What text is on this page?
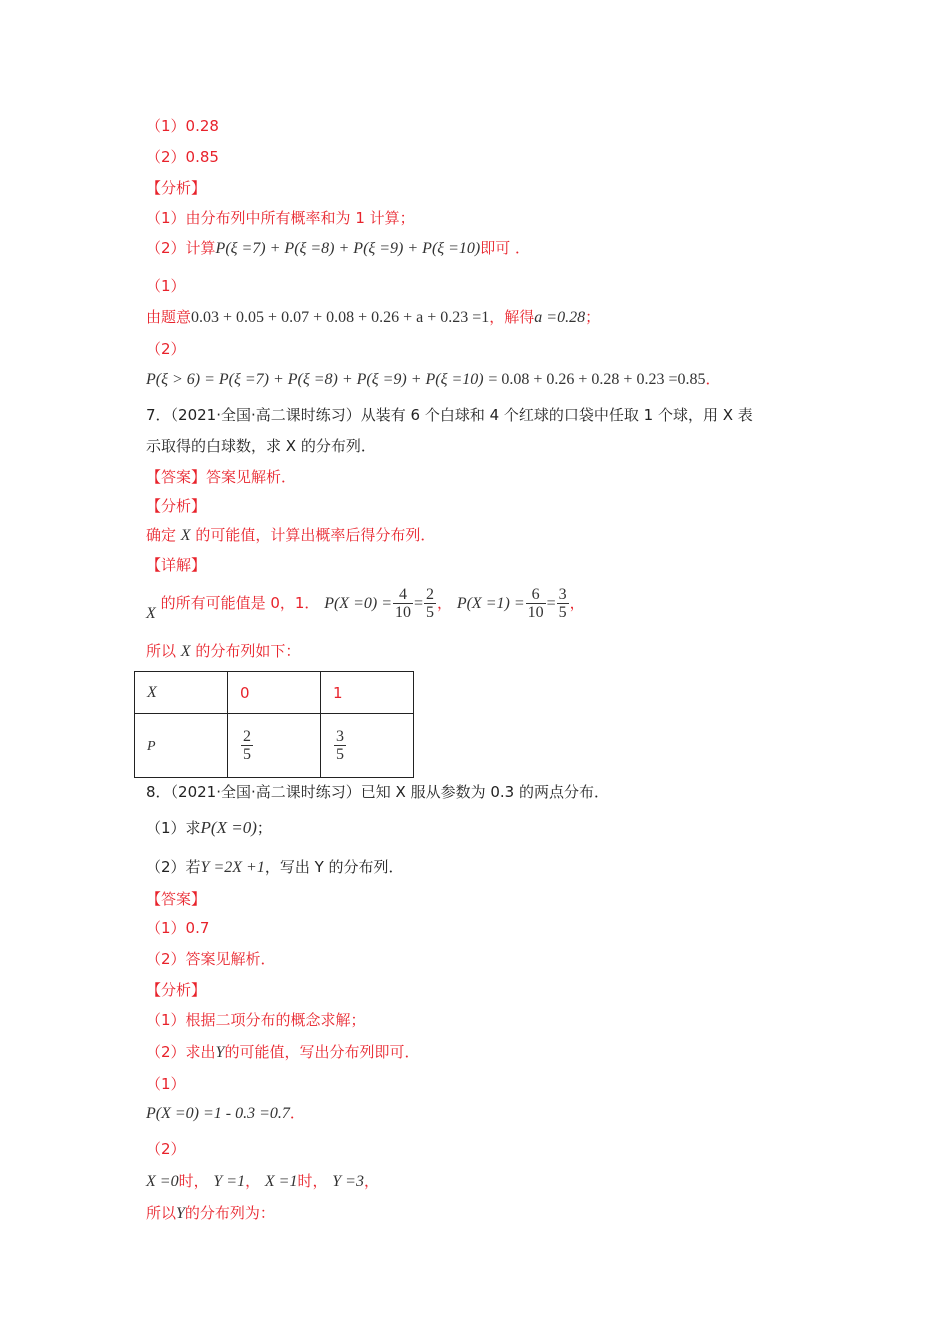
（1）0.28
（2）0.85
【分析】
（1）由分布列中所有概率和为 1 计算；
（2）计算P(ξ =7) + P(ξ =8) + P(ξ =9) + P(ξ =10)即可 ．
（1）
由题意0.03 + 0.05 + 0.07 + 0.08 + 0.26 + a + 0.23 =1，解得a =0.28；
（2）
P(ξ > 6) = P(ξ =7) + P(ξ =8) + P(ξ =9) + P(ξ =10) = 0.08 + 0.26 + 0.28 + 0.23 =0.85．
7．（2021·全国·高二课时练习）从装有 6 个白球和 4 个红球的口袋中任取 1 个球，用 X 表
示取得的白球数，求 X 的分布列．
【答案】答案见解析．
【分析】
确定 X 的可能值，计算出概率后得分布列．
【详解】
X 的所有可能值是 0，1． $P(X =0) = \frac{4}{10} = \frac{2}{5}$ ， $P(X =1) = \frac{6}{10} = \frac{3}{5}$ ，
所以 X 的分布列如下：
X	0	1
P	$\frac{2}{5}$	$\frac{3}{5}$
8．（2021·全国·高二课时练习）已知 X 服从参数为 0.3 的两点分布．
（1）求P(X =0)；
（2）若Y =2X +1，写出 Y 的分布列．
【答案】
（1）0.7
（2）答案见解析．
【分析】
（1）根据二项分布的概念求解；
（2）求出Y的可能值，写出分布列即可．
（1）
P(X =0) =1 - 0.3 =0.7．
（2）
X =0时， Y =1， X =1时， Y =3，
所以Y的分布列为：
